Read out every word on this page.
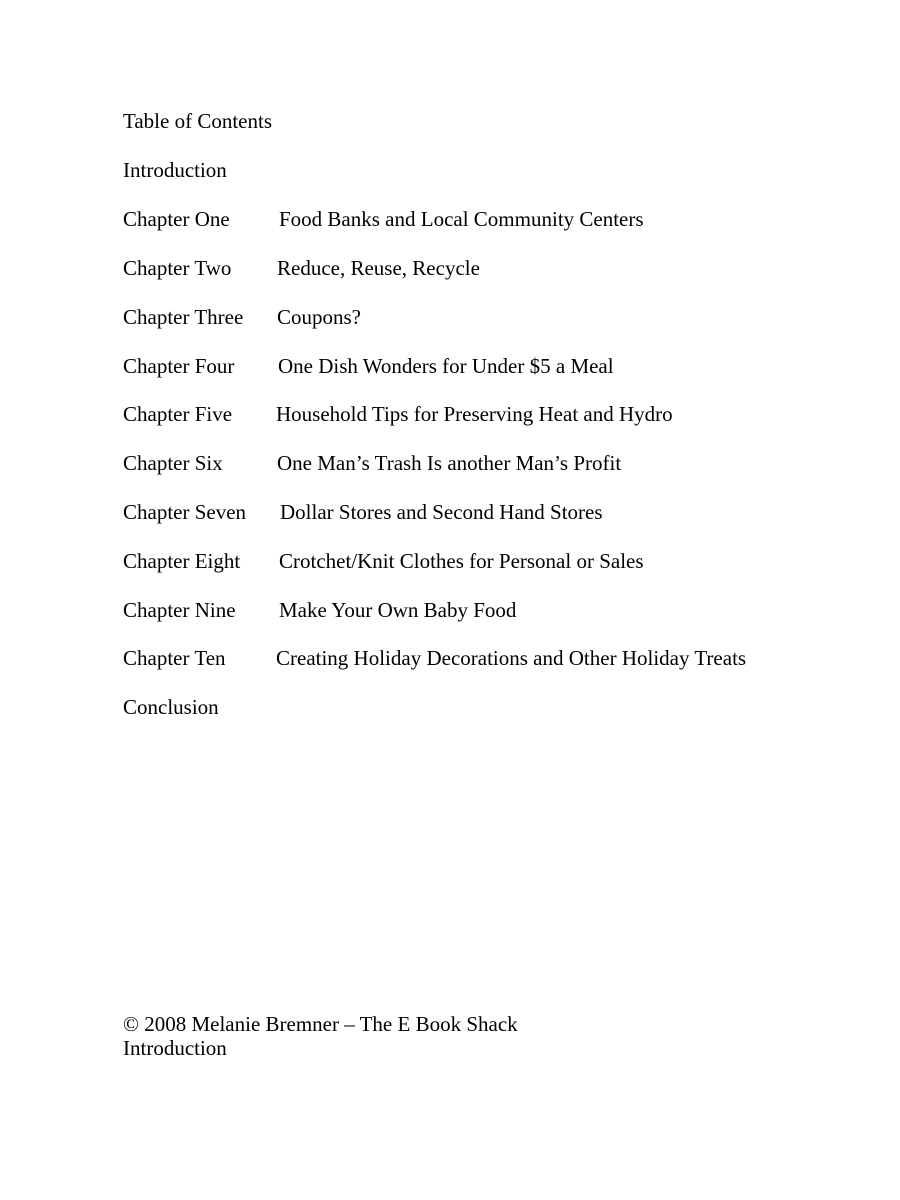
Table of Contents
Introduction
Chapter One Food Banks and Local Community Centers
Chapter Two Reduce, Reuse, Recycle
Chapter Three Coupons?
Chapter Four One Dish Wonders for Under $5 a Meal
Chapter Five Household Tips for Preserving Heat and Hydro
Chapter Six	One Man’s Trash Is another Man’s Profit
Chapter Seven Dollar Stores and Second Hand Stores
Chapter Eight Crotchet/Knit Clothes for Personal or Sales
Chapter Nine Make Your Own Baby Food
Chapter Ten Creating Holiday Decorations and Other Holiday Treats
Conclusion
© 2008 Melanie Bremner – The E Book Shack
Introduction
